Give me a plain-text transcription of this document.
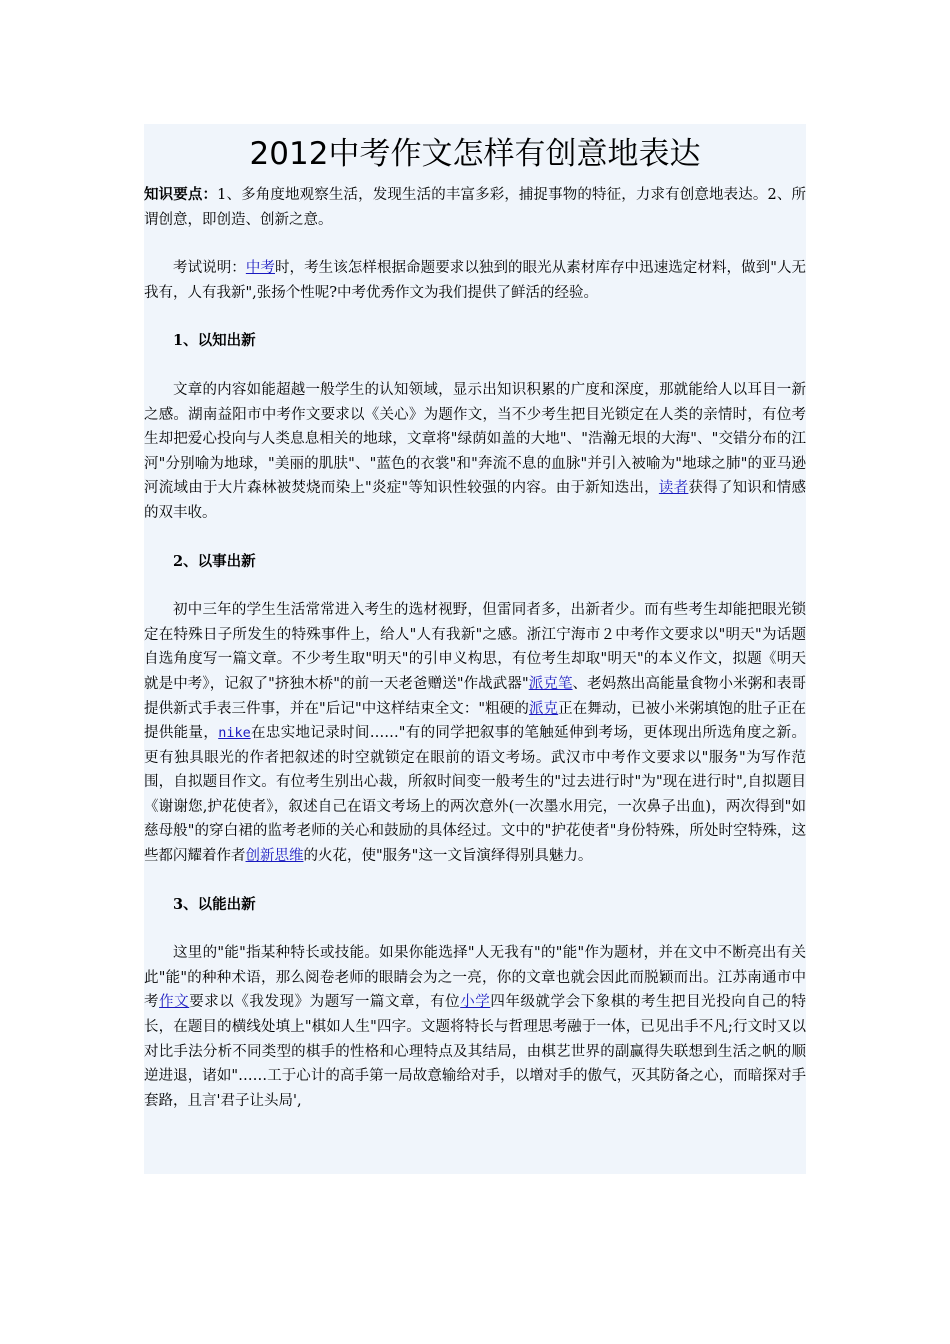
2012中考作文怎样有创意地表达

知识要点：1、多角度地观察生活，发现生活的丰富多彩，捕捉事物的特征，力求有创意地表达。2、所谓创意，即创造、创新之意。

考试说明：中考时，考生该怎样根据命题要求以独到的眼光从素材库存中迅速选定材料，做到"人无我有，人有我新",张扬个性呢?中考优秀作文为我们提供了鲜活的经验。

1、以知出新

文章的内容如能超越一般学生的认知领域，显示出知识积累的广度和深度，那就能给人以耳目一新之感。湖南益阳市中考作文要求以《关心》为题作文，当不少考生把目光锁定在人类的亲情时，有位考生却把爱心投向与人类息息相关的地球，文章将"绿荫如盖的大地"、"浩瀚无垠的大海"、"交错分布的江河"分别喻为地球，"美丽的肌肤"、"蓝色的衣裳"和"奔流不息的血脉"并引入被喻为"地球之肺"的亚马逊河流域由于大片森林被焚烧而染上"炎症"等知识性较强的内容。由于新知迭出，读者获得了知识和情感的双丰收。

2、以事出新

初中三年的学生生活常常进入考生的选材视野，但雷同者多，出新者少。而有些考生却能把眼光锁定在特殊日子所发生的特殊事件上，给人"人有我新"之感。浙江宁海市２中考作文要求以"明天"为话题自选角度写一篇文章。不少考生取"明天"的引申义构思，有位考生却取"明天"的本义作文，拟题《明天就是中考》，记叙了"挤独木桥"的前一天老爸赠送"作战武器"派克笔、老妈熬出高能量食物小米粥和表哥提供新式手表三件事，并在"后记"中这样结束全文："粗硬的派克正在舞动，已被小米粥填饱的肚子正在提供能量，nike在忠实地记录时间……"有的同学把叙事的笔触延伸到考场，更体现出所选角度之新。更有独具眼光的作者把叙述的时空就锁定在眼前的语文考场。武汉市中考作文要求以"服务"为写作范围，自拟题目作文。有位考生别出心裁，所叙时间变一般考生的"过去进行时"为"现在进行时",自拟题目《谢谢您,护花使者》，叙述自己在语文考场上的两次意外(一次墨水用完，一次鼻子出血)，两次得到"如慈母般"的穿白裙的监考老师的关心和鼓励的具体经过。文中的"护花使者"身份特殊，所处时空特殊，这些都闪耀着作者创新思维的火花，使"服务"这一文旨演绎得别具魅力。

3、以能出新

这里的"能"指某种特长或技能。如果你能选择"人无我有"的"能"作为题材，并在文中不断亮出有关此"能"的种种术语，那么阅卷老师的眼睛会为之一亮，你的文章也就会因此而脱颖而出。江苏南通市中考作文要求以《我发现》为题写一篇文章，有位小学四年级就学会下象棋的考生把目光投向自己的特长，在题目的横线处填上"棋如人生"四字。文题将特长与哲理思考融于一体，已见出手不凡;行文时又以对比手法分析不同类型的棋手的性格和心理特点及其结局，由棋艺世界的副赢得失联想到生活之帆的顺逆进退，诸如"……工于心计的高手第一局故意输给对手，以增对手的傲气，灭其防备之心，而暗探对手套路，且言'君子让头局',
